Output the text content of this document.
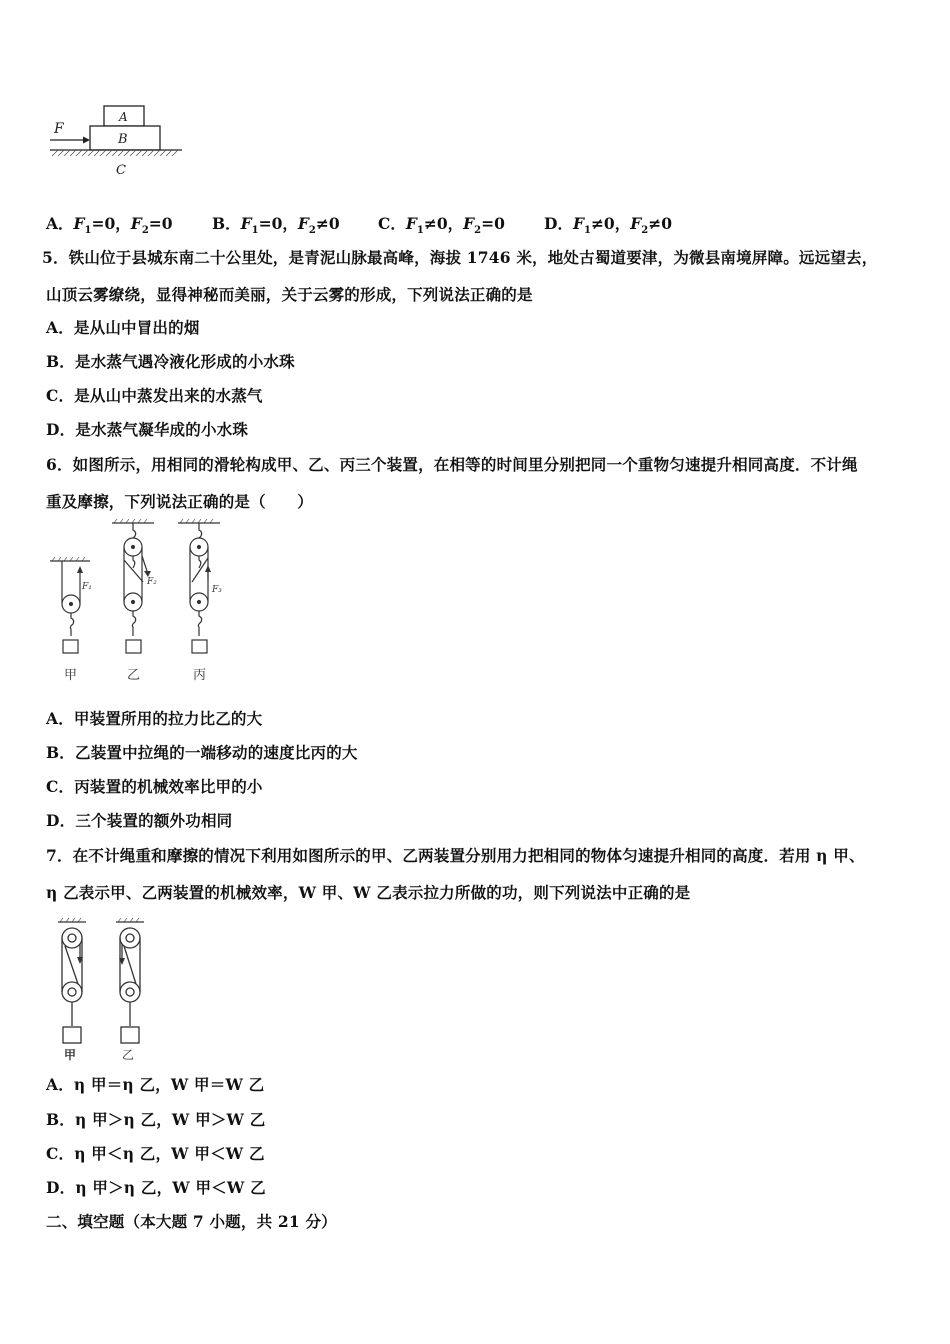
F
A
B
C
A．$F_1=0$，$F_2=0$	B．$F_1=0$，$F_2\ne 0$ C．$F_1\ne 0$，$F_2=0$	D．$F_1\ne 0$，$F_2\ne 0$
5．铁山位于县城东南二十公里处，是青泥山脉最高峰，海拔 1746 米，地处古蜀道要津，为微县南境屏障。远远望去，
山顶云雾缭绕，显得神秘而美丽，关于云雾的形成，下列说法正确的是
A．是从山中冒出的烟
B．是水蒸气遇冷液化形成的小水珠
C．是从山中蒸发出来的水蒸气
D．是水蒸气凝华成的小水珠
6．如图所示，用相同的滑轮构成甲、乙、丙三个装置，在相等的时间里分别把同一个重物匀速提升相同高度．不计绳
重及摩擦，下列说法正确的是（　　）
F₁	F₂
F₃
甲	乙	丙
A．甲装置所用的拉力比乙的大
B．乙装置中拉绳的一端移动的速度比丙的大
C．丙装置的机械效率比甲的小
D．三个装置的额外功相同
7．在不计绳重和摩擦的情况下利用如图所示的甲、乙两装置分别用力把相同的物体匀速提升相同的高度．若用 η 甲、
η 乙表示甲、乙两装置的机械效率，W 甲、W 乙表示拉力所做的功，则下列说法中正确的是
甲	乙
A．η 甲＝η 乙，W 甲＝W 乙
B．η 甲＞η 乙，W 甲＞W 乙
C．η 甲＜η 乙，W 甲＜W 乙
D．η 甲＞η 乙，W 甲＜W 乙
二、填空题（本大题 7 小题，共 21 分）
